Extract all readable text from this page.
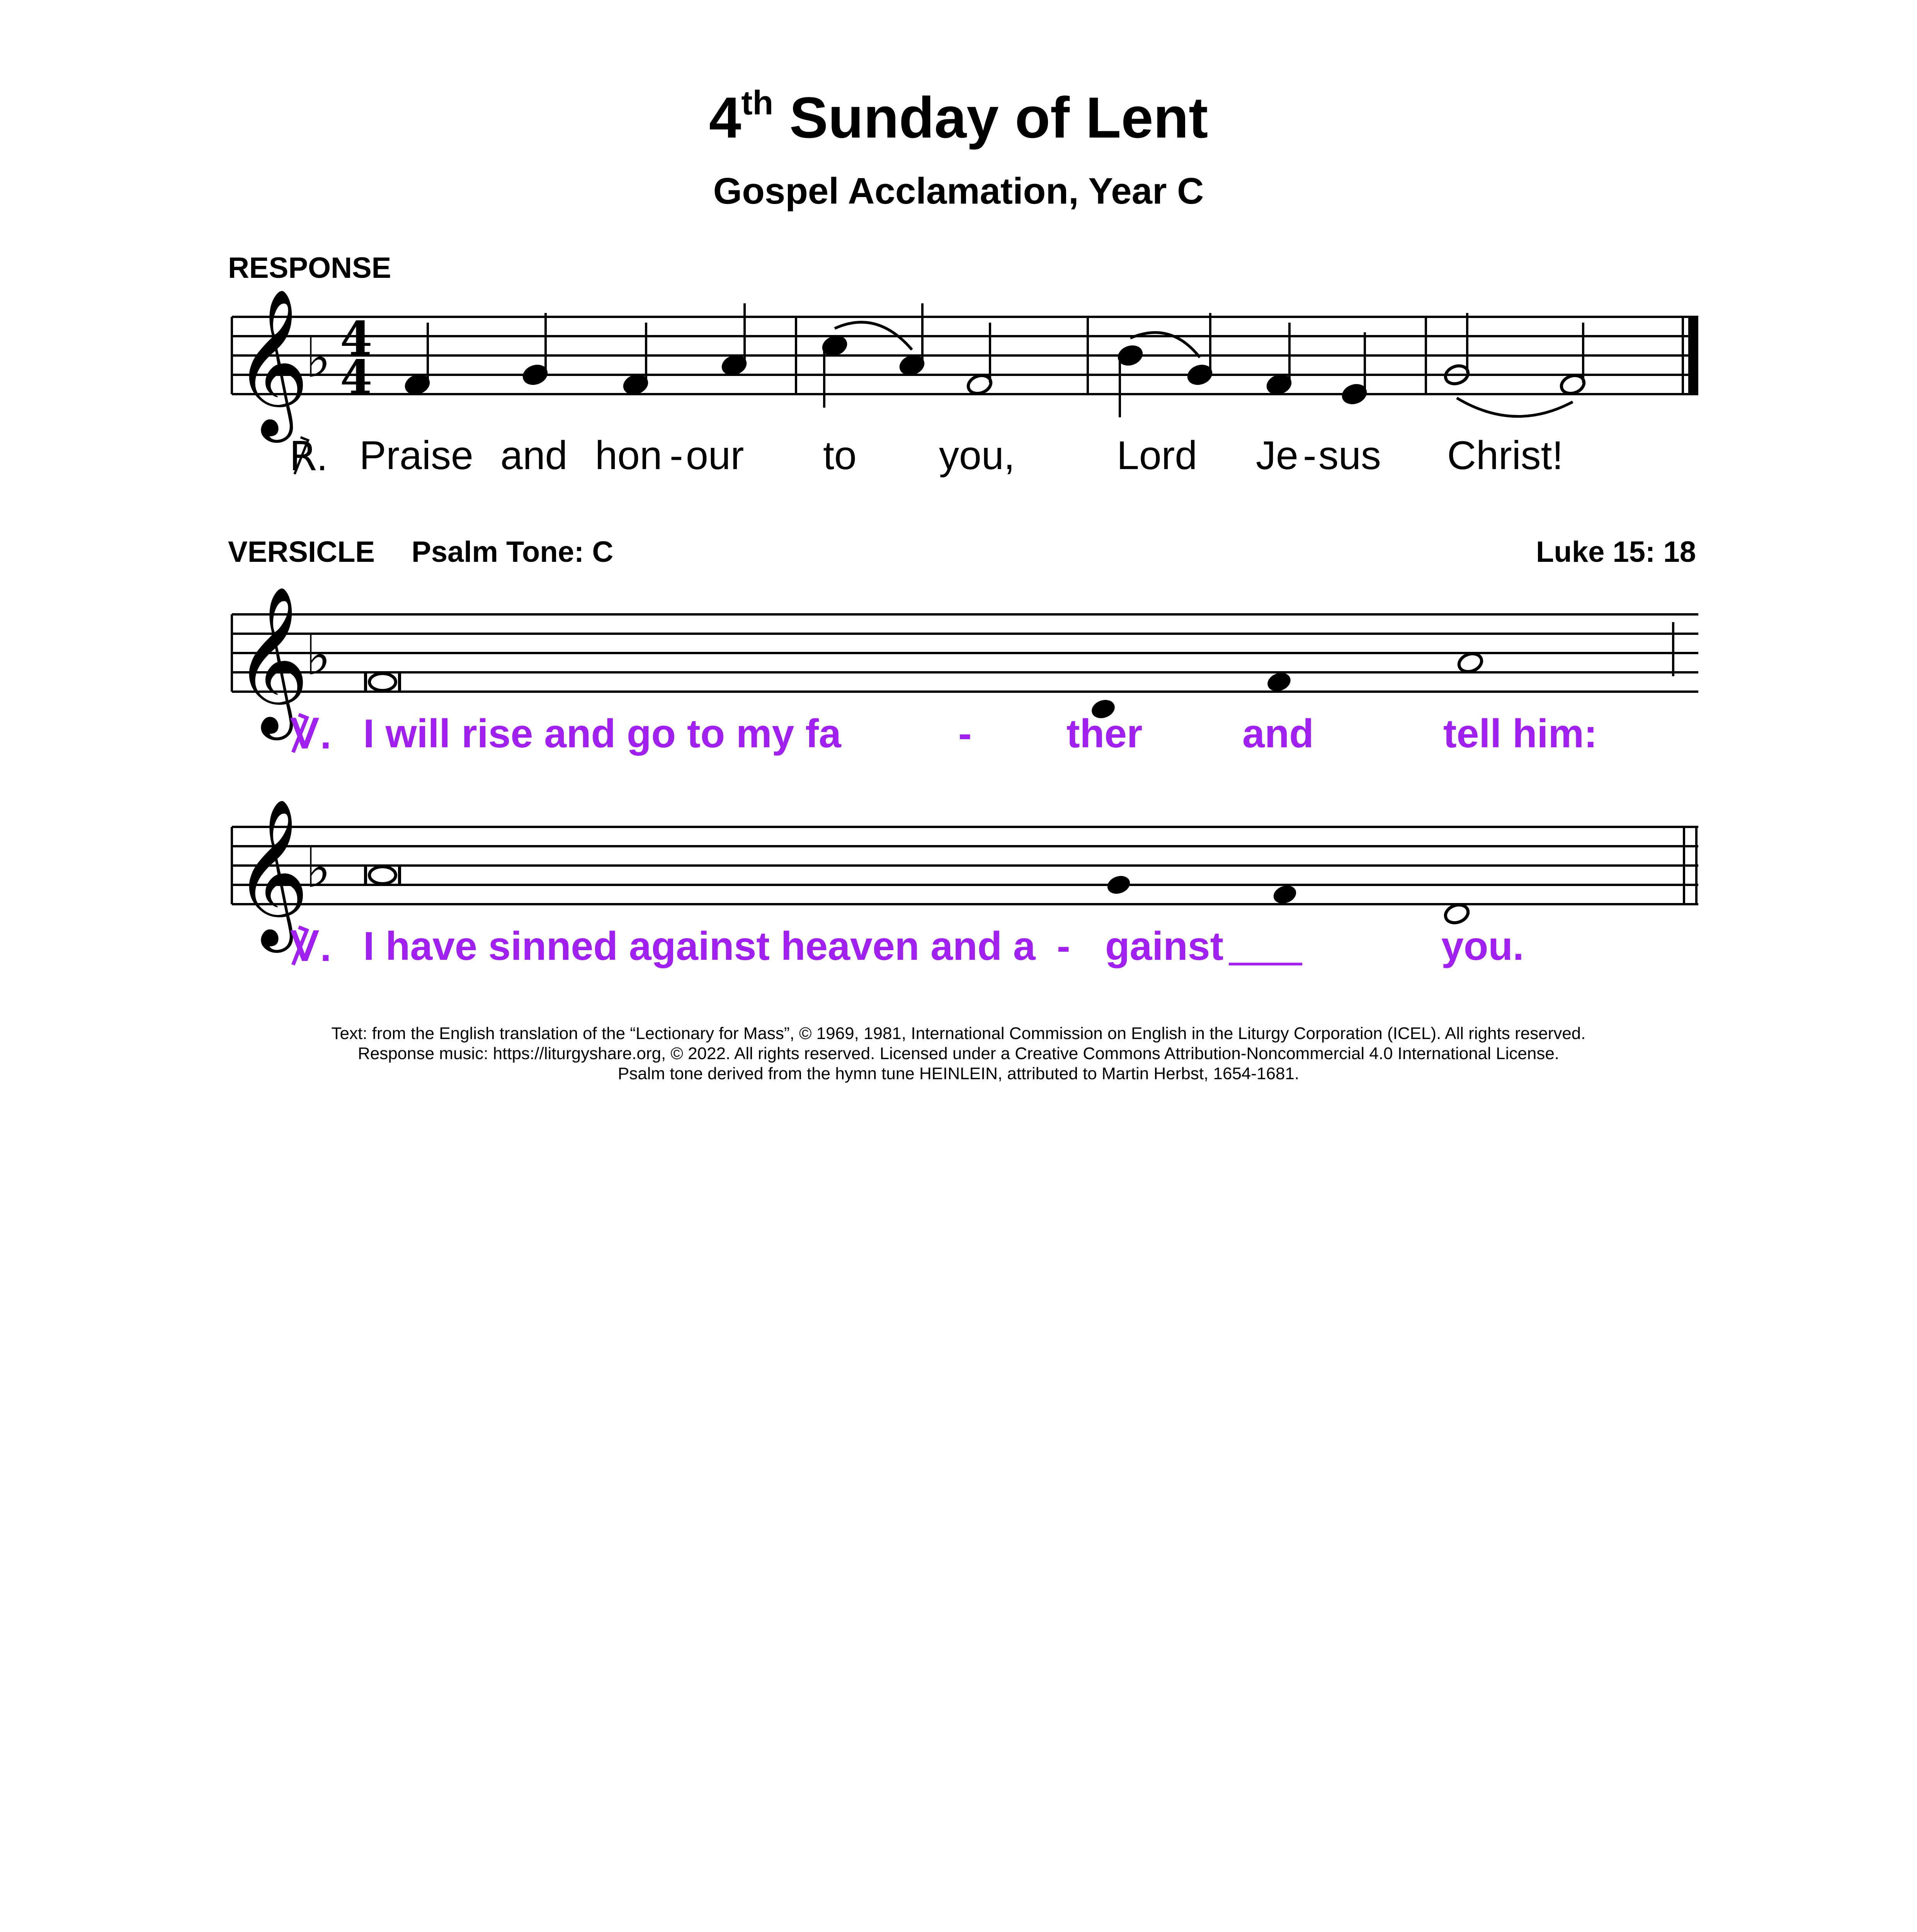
4th Sunday of Lent
Gospel Acclamation, Year C
RESPONSE
𝄞
♭ 4
4
𝄞
♭
𝄞
♭
℟. Praise and hon - our to you,	Lord Je - sus Christ!
VERSICLE Psalm Tone: C	Luke 15: 18
℣. I will rise and go to my fa	- ther and	tell him:
℣. I have sinned against heaven and a - gainst	you.
Text: from the English translation of the “Lectionary for Mass”, © 1969, 1981, International Commission on English in the Liturgy Corporation (ICEL). All rights reserved.
Response music: https://liturgyshare.org, © 2022. All rights reserved. Licensed under a Creative Commons Attribution-Noncommercial 4.0 International License.
Psalm tone derived from the hymn tune HEINLEIN, attributed to Martin Herbst, 1654-1681.
